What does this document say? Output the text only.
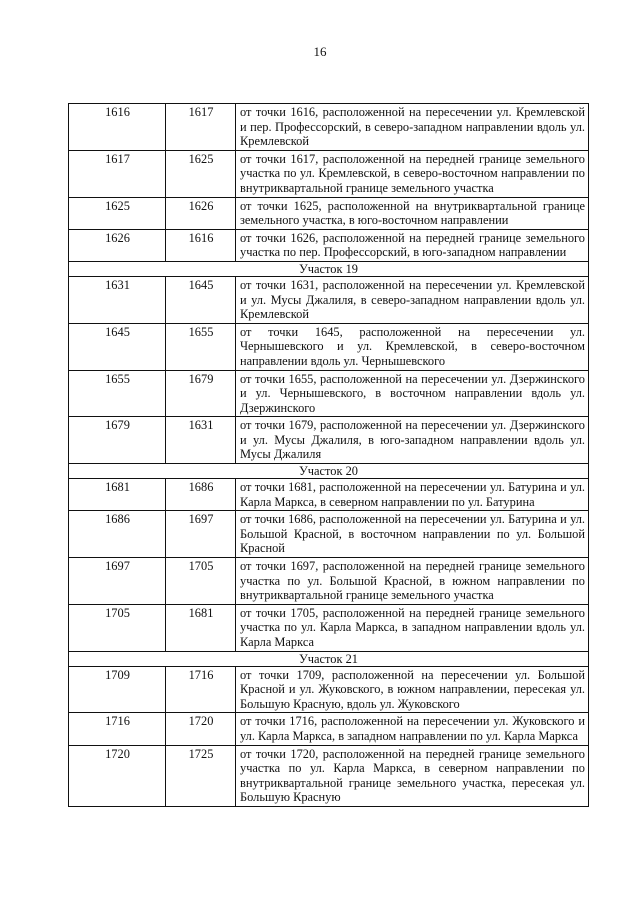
16
1616	1617	от точки 1616, расположенной на пересечении ул. Кремлевской и пер. Профессорский, в северо-западном направлении вдоль ул. Кремлевской
1617	1625	от точки 1617, расположенной на передней границе земельного участка по ул. Кремлевской, в северо-восточном направлении по внутриквартальной границе земельного участка
1625	1626	от точки 1625, расположенной на внутриквартальной границе земельного участка, в юго-восточном направлении
1626	1616	от точки 1626, расположенной на передней границе земельного участка по пер. Профессорский, в юго-западном направлении
Участок 19		
1631	1645	от точки 1631, расположенной на пересечении ул. Кремлевской и ул. Мусы Джалиля, в северо-западном направлении вдоль ул. Кремлевской
1645	1655	от точки 1645, расположенной на пересечении ул. Чернышевского и ул. Кремлевской, в северо-восточном направлении вдоль ул. Чернышевского
1655	1679	от точки 1655, расположенной на пересечении ул. Дзержинского и ул. Чернышевского, в восточном направлении вдоль ул. Дзержинского
1679	1631	от точки 1679, расположенной на пересечении ул. Дзержинского и ул. Мусы Джалиля, в юго-западном направлении вдоль ул. Мусы Джалиля
Участок 20		
1681	1686	от точки 1681, расположенной на пересечении ул. Батурина и ул. Карла Маркса, в северном направлении по ул. Батурина
1686	1697	от точки 1686, расположенной на пересечении ул. Батурина и ул. Большой Красной, в восточном направлении по ул. Большой Красной
1697	1705	от точки 1697, расположенной на передней границе земельного участка по ул. Большой Красной, в южном направлении по внутриквартальной границе земельного участка
1705	1681	от точки 1705, расположенной на передней границе земельного участка по ул. Карла Маркса, в западном направлении вдоль ул. Карла Маркса
Участок 21		
1709	1716	от точки 1709, расположенной на пересечении ул. Большой Красной и ул. Жуковского, в южном направлении, пересекая ул. Большую Красную, вдоль ул. Жуковского
1716	1720	от точки 1716, расположенной на пересечении ул. Жуковского и ул. Карла Маркса, в западном направлении по ул. Карла Маркса
1720	1725	от точки 1720, расположенной на передней границе земельного участка по ул. Карла Маркса, в северном направлении по внутриквартальной границе земельного участка, пересекая ул. Большую Красную
